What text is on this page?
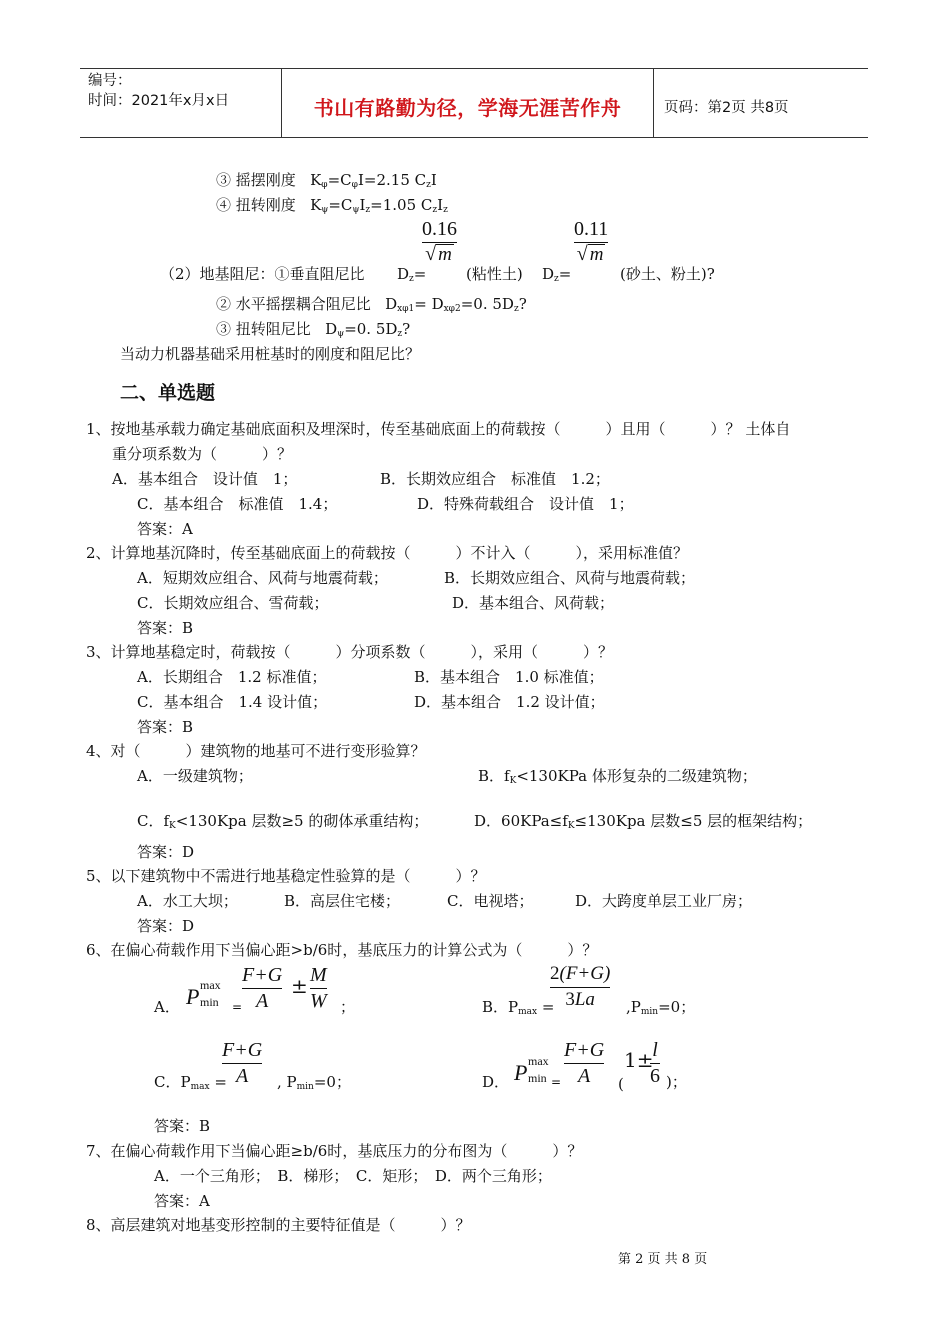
编号：
时间：2021年x月x日	书山有路勤为径，学海无涯苦作舟	页码：第2页 共8页
③ 摇摆刚度   $K_\varphi=C_\varphi I=2.15$ $C_zI$
④ 扭转刚度   $K_\psi=C_\psi I_z=1.05$ $C_zI_z$
（2）地基阻尼：①垂直阻尼比 $D_z=$
0.16
√ m
(粘性土) $D_z=$
0.11
√ m
(砂土、粉土)?
② 水平摇摆耦合阻尼比   $D_{x\varphi 1}= D_{x\varphi 2}=0$. $5D_z$?
③ 扭转阻尼比   $D_\psi=0$. $5D_z$?
当动力机器基础采用桩基时的刚度和阻尼比？
二、单选题
1、按地基承载力确定基础底面积及埋深时，传至基础底面上的荷载按（　　　）且用（　　　）？ 土体自
重分项系数为（　　　）？
A．基本组合　设计值　1；	B．长期效应组合　标准值　1.2；
C．基本组合　标准值　1.4；	D．特殊荷载组合　设计值　1；
答案：A
2、计算地基沉降时，传至基础底面上的荷载按（　　　）不计入（　　　），采用标准值？
A．短期效应组合、风荷与地震荷载；	B．长期效应组合、风荷与地震荷载；
C．长期效应组合、雪荷载；	D．基本组合、风荷载；
答案：B
3、计算地基稳定时，荷载按（　　　）分项系数（　　　），采用（　　　）？
A．长期组合　1.2 标准值；	B．基本组合　1.0 标准值；
C．基本组合　1.4 设计值；	D．基本组合　1.2 设计值；
答案：B
4、对（　　　）建筑物的地基可不进行变形验算？
A．一级建筑物；	B．$f_K<130KPa$ 体形复杂的二级建筑物；
C．$f_K<130Kpa$ 层数≥5 的砌体承重结构；	D．$60KPa\le f_K\le 130Kpa$ 层数≤5 层的框架结构；
答案：D
5、以下建筑物中不需进行地基稳定性验算的是（　　　）？
A．水工大坝；	B．高层住宅楼；	C．电视塔；	D．大跨度单层工业厂房；
答案：D
6、在偏心荷载作用下当偏心距>b/6时，基底压力的计算公式为（　　　）？
A． P max
min =
F+G
A
± M
W ；	B．$P_{max}$ =
2(F+G)
3La $,P_{min}=0$；
C．$P_{max}$ =
F+G
A , $P_{min}=0$；	D． P max
min =
F+G
A (
1±
l
6 )；
答案：B
7、在偏心荷载作用下当偏心距≥b/6时，基底压力的分布图为（　　　）？
A．一个三角形；　B．梯形；　C．矩形；　D．两个三角形；
答案：A
8、高层建筑对地基变形控制的主要特征值是（　　　）？
第 2 页 共 8 页
